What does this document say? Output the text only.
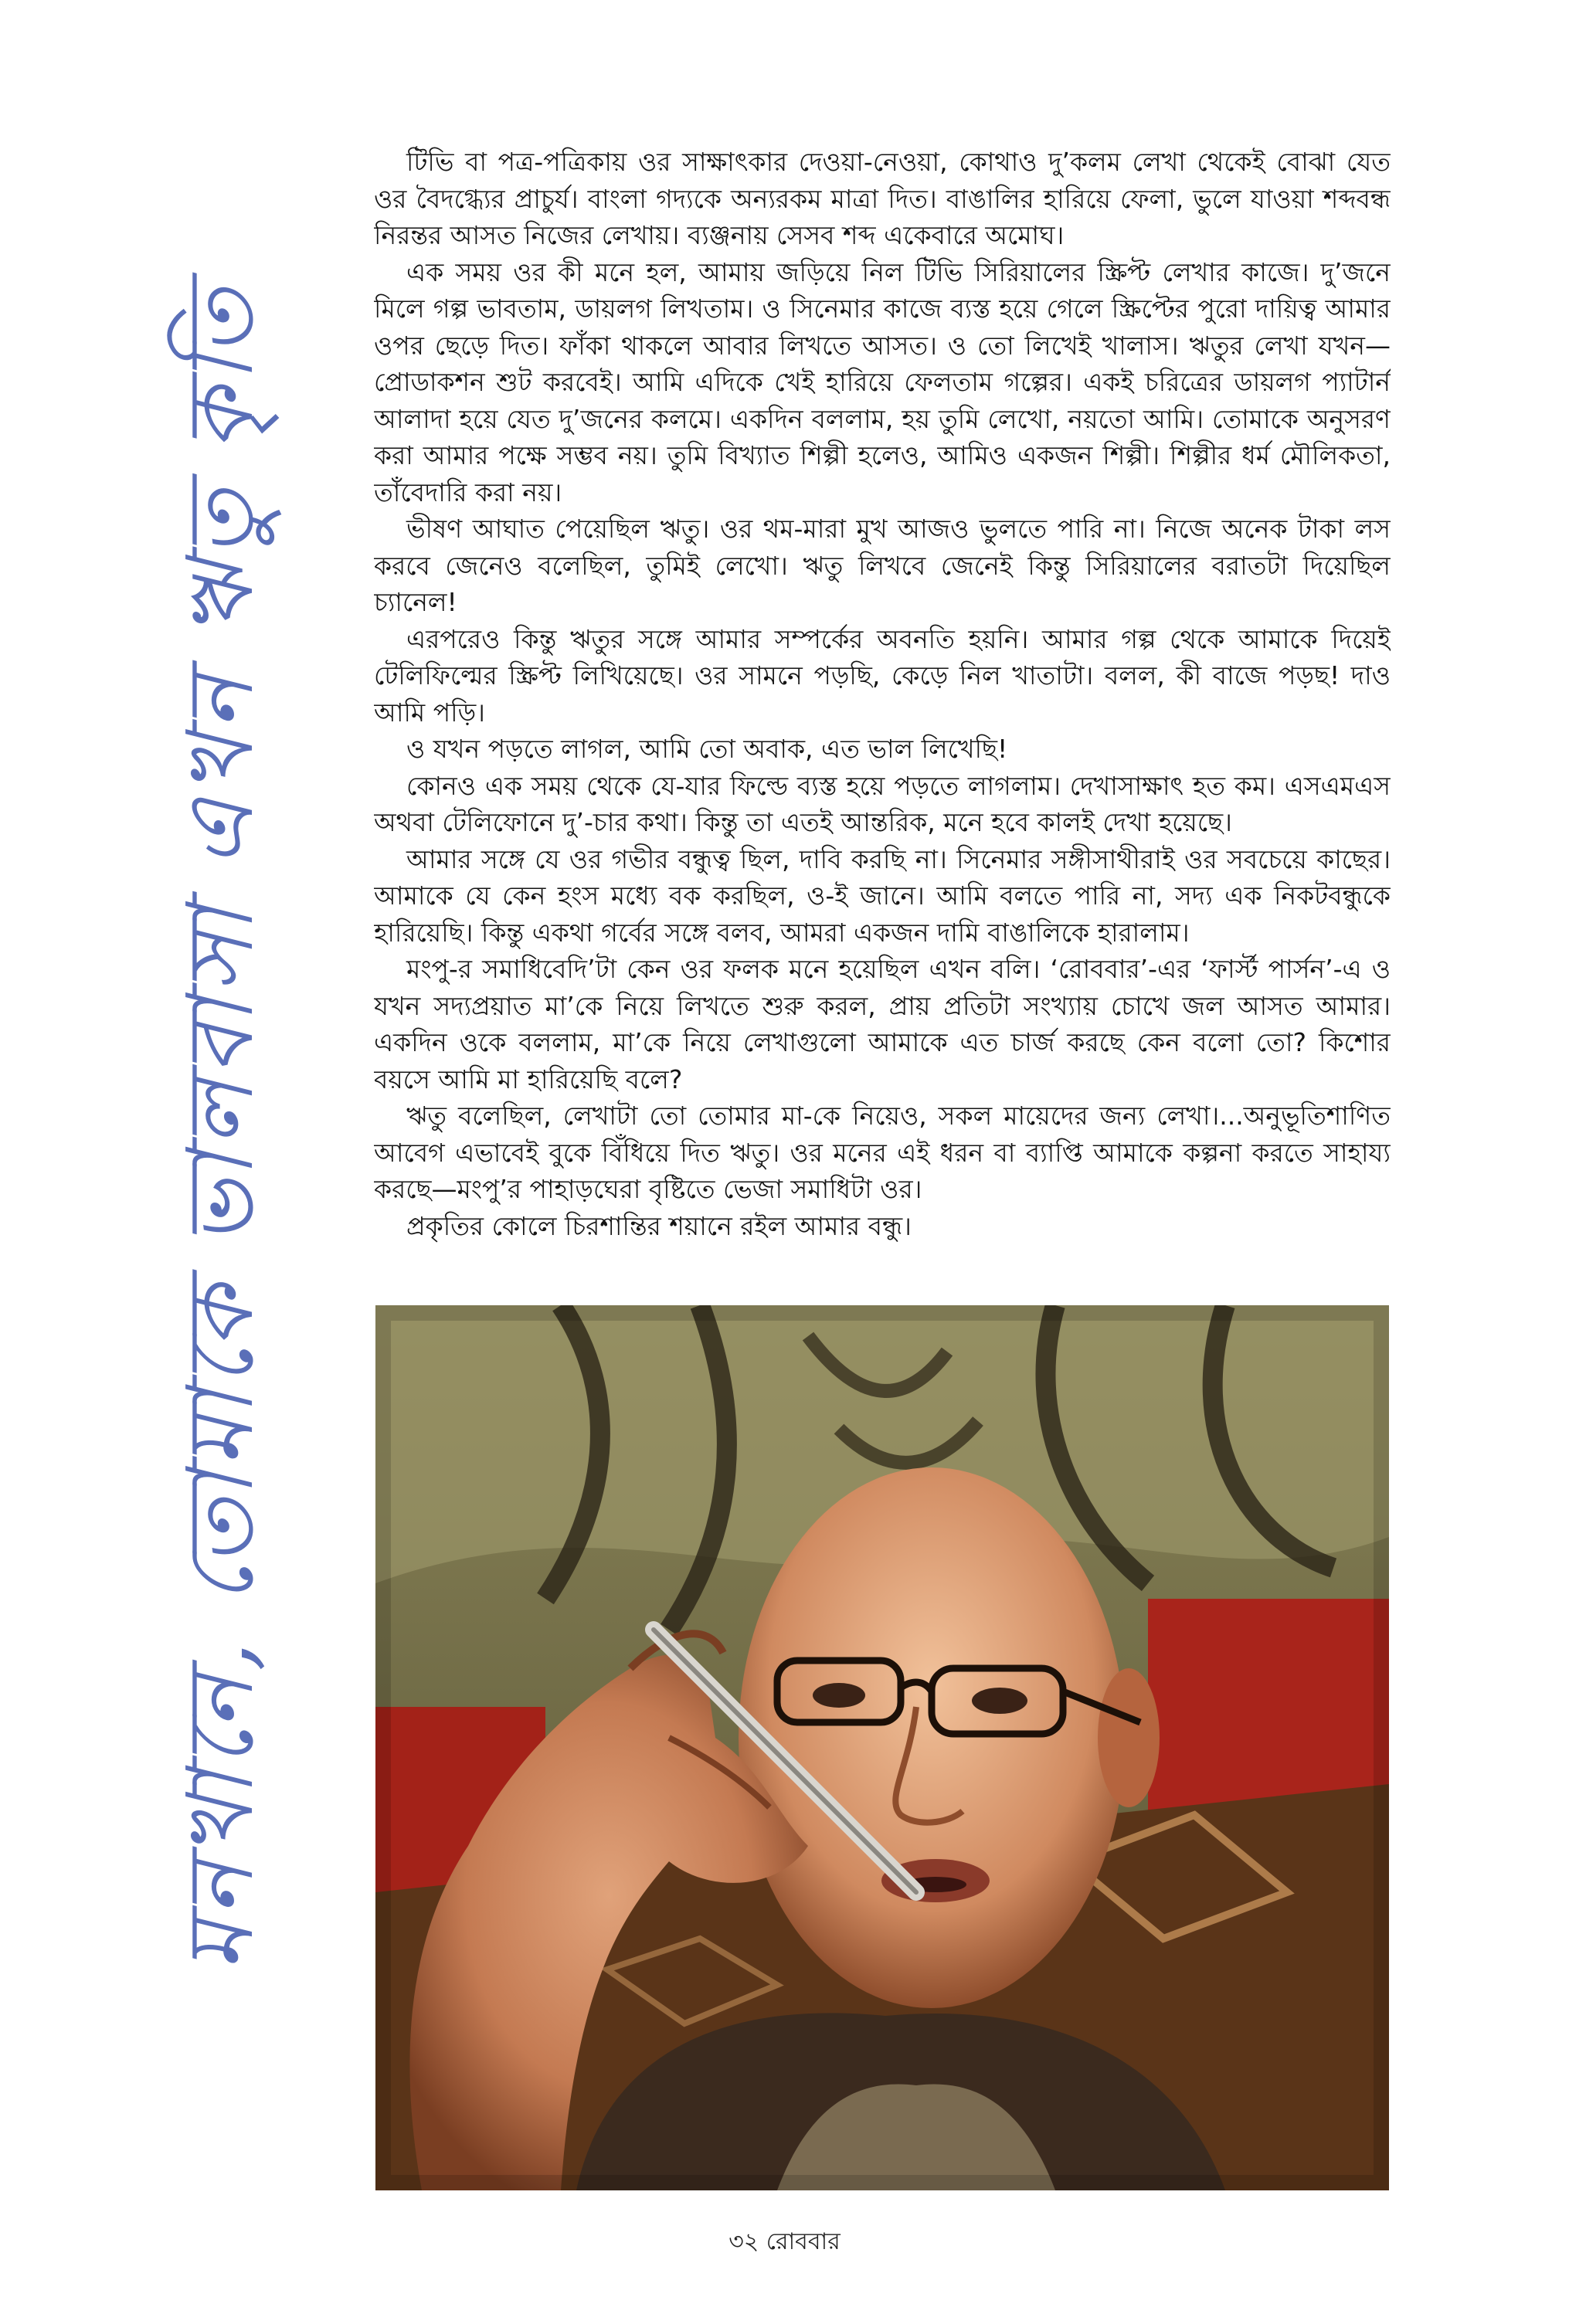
মনখানে, তোমাকে ভালবাসা এখন ঋতু কৃতি

টিভি বা পত্র-পত্রিকায় ওর সাক্ষাৎকার দেওয়া-নেওয়া, কোথাও দু’কলম লেখা থেকেই বোঝা যেত ওর বৈদগ্ধ্যের প্রাচুর্য। বাংলা গদ্যকে অন্যরকম মাত্রা দিত। বাঙালির হারিয়ে ফেলা, ভুলে যাওয়া শব্দবন্ধ নিরন্তর আসত নিজের লেখায়। ব্যঞ্জনায় সেসব শব্দ একেবারে অমোঘ।

এক সময় ওর কী মনে হল, আমায় জড়িয়ে নিল টিভি সিরিয়ালের স্ক্রিপ্ট লেখার কাজে। দু’জনে মিলে গল্প ভাবতাম, ডায়লগ লিখতাম। ও সিনেমার কাজে ব্যস্ত হয়ে গেলে স্ক্রিপ্টের পুরো দায়িত্ব আমার ওপর ছেড়ে দিত। ফাঁকা থাকলে আবার লিখতে আসত। ও তো লিখেই খালাস। ঋতুর লেখা যখন—প্রোডাকশন শুট করবেই। আমি এদিকে খেই হারিয়ে ফেলতাম গল্পের। একই চরিত্রের ডায়লগ প্যাটার্ন আলাদা হয়ে যেত দু’জনের কলমে। একদিন বললাম, হয় তুমি লেখো, নয়তো আমি। তোমাকে অনুসরণ করা আমার পক্ষে সম্ভব নয়। তুমি বিখ্যাত শিল্পী হলেও, আমিও একজন শিল্পী। শিল্পীর ধর্ম মৌলিকতা, তাঁবেদারি করা নয়।

ভীষণ আঘাত পেয়েছিল ঋতু। ওর থম-মারা মুখ আজও ভুলতে পারি না। নিজে অনেক টাকা লস করবে জেনেও বলেছিল, তুমিই লেখো। ঋতু লিখবে জেনেই কিন্তু সিরিয়ালের বরাতটা দিয়েছিল চ্যানেল!

এরপরেও কিন্তু ঋতুর সঙ্গে আমার সম্পর্কের অবনতি হয়নি। আমার গল্প থেকে আমাকে দিয়েই টেলিফিল্মের স্ক্রিপ্ট লিখিয়েছে। ওর সামনে পড়ছি, কেড়ে নিল খাতাটা। বলল, কী বাজে পড়ছ! দাও আমি পড়ি।

ও যখন পড়তে লাগল, আমি তো অবাক, এত ভাল লিখেছি!

কোনও এক সময় থেকে যে-যার ফিল্ডে ব্যস্ত হয়ে পড়তে লাগলাম। দেখাসাক্ষাৎ হত কম। এসএমএস অথবা টেলিফোনে দু’-চার কথা। কিন্তু তা এতই আন্তরিক, মনে হবে কালই দেখা হয়েছে।

আমার সঙ্গে যে ওর গভীর বন্ধুত্ব ছিল, দাবি করছি না। সিনেমার সঙ্গীসাথীরাই ওর সবচেয়ে কাছের। আমাকে যে কেন হংস মধ্যে বক করছিল, ও-ই জানে। আমি বলতে পারি না, সদ্য এক নিকটবন্ধুকে হারিয়েছি। কিন্তু একথা গর্বের সঙ্গে বলব, আমরা একজন দামি বাঙালিকে হারালাম।

মংপু-র সমাধিবেদি’টা কেন ওর ফলক মনে হয়েছিল এখন বলি। ‘রোববার’-এর ‘ফার্স্ট পার্সন’-এ ও যখন সদ্যপ্রয়াত মা’কে নিয়ে লিখতে শুরু করল, প্রায় প্রতিটা সংখ্যায় চোখে জল আসত আমার। একদিন ওকে বললাম, মা’কে নিয়ে লেখাগুলো আমাকে এত চার্জ করছে কেন বলো তো? কিশোর বয়সে আমি মা হারিয়েছি বলে?

ঋতু বলেছিল, লেখাটা তো তোমার মা-কে নিয়েও, সকল মায়েদের জন্য লেখা।...অনুভূতিশাণিত আবেগ এভাবেই বুকে বিঁধিয়ে দিত ঋতু। ওর মনের এই ধরন বা ব্যাপ্তি আমাকে কল্পনা করতে সাহায্য করছে—মংপু’র পাহাড়ঘেরা বৃষ্টিতে ভেজা সমাধিটা ওর।

প্রকৃতির কোলে চিরশান্তির শয়ানে রইল আমার বন্ধু।

৩২ রোববার
